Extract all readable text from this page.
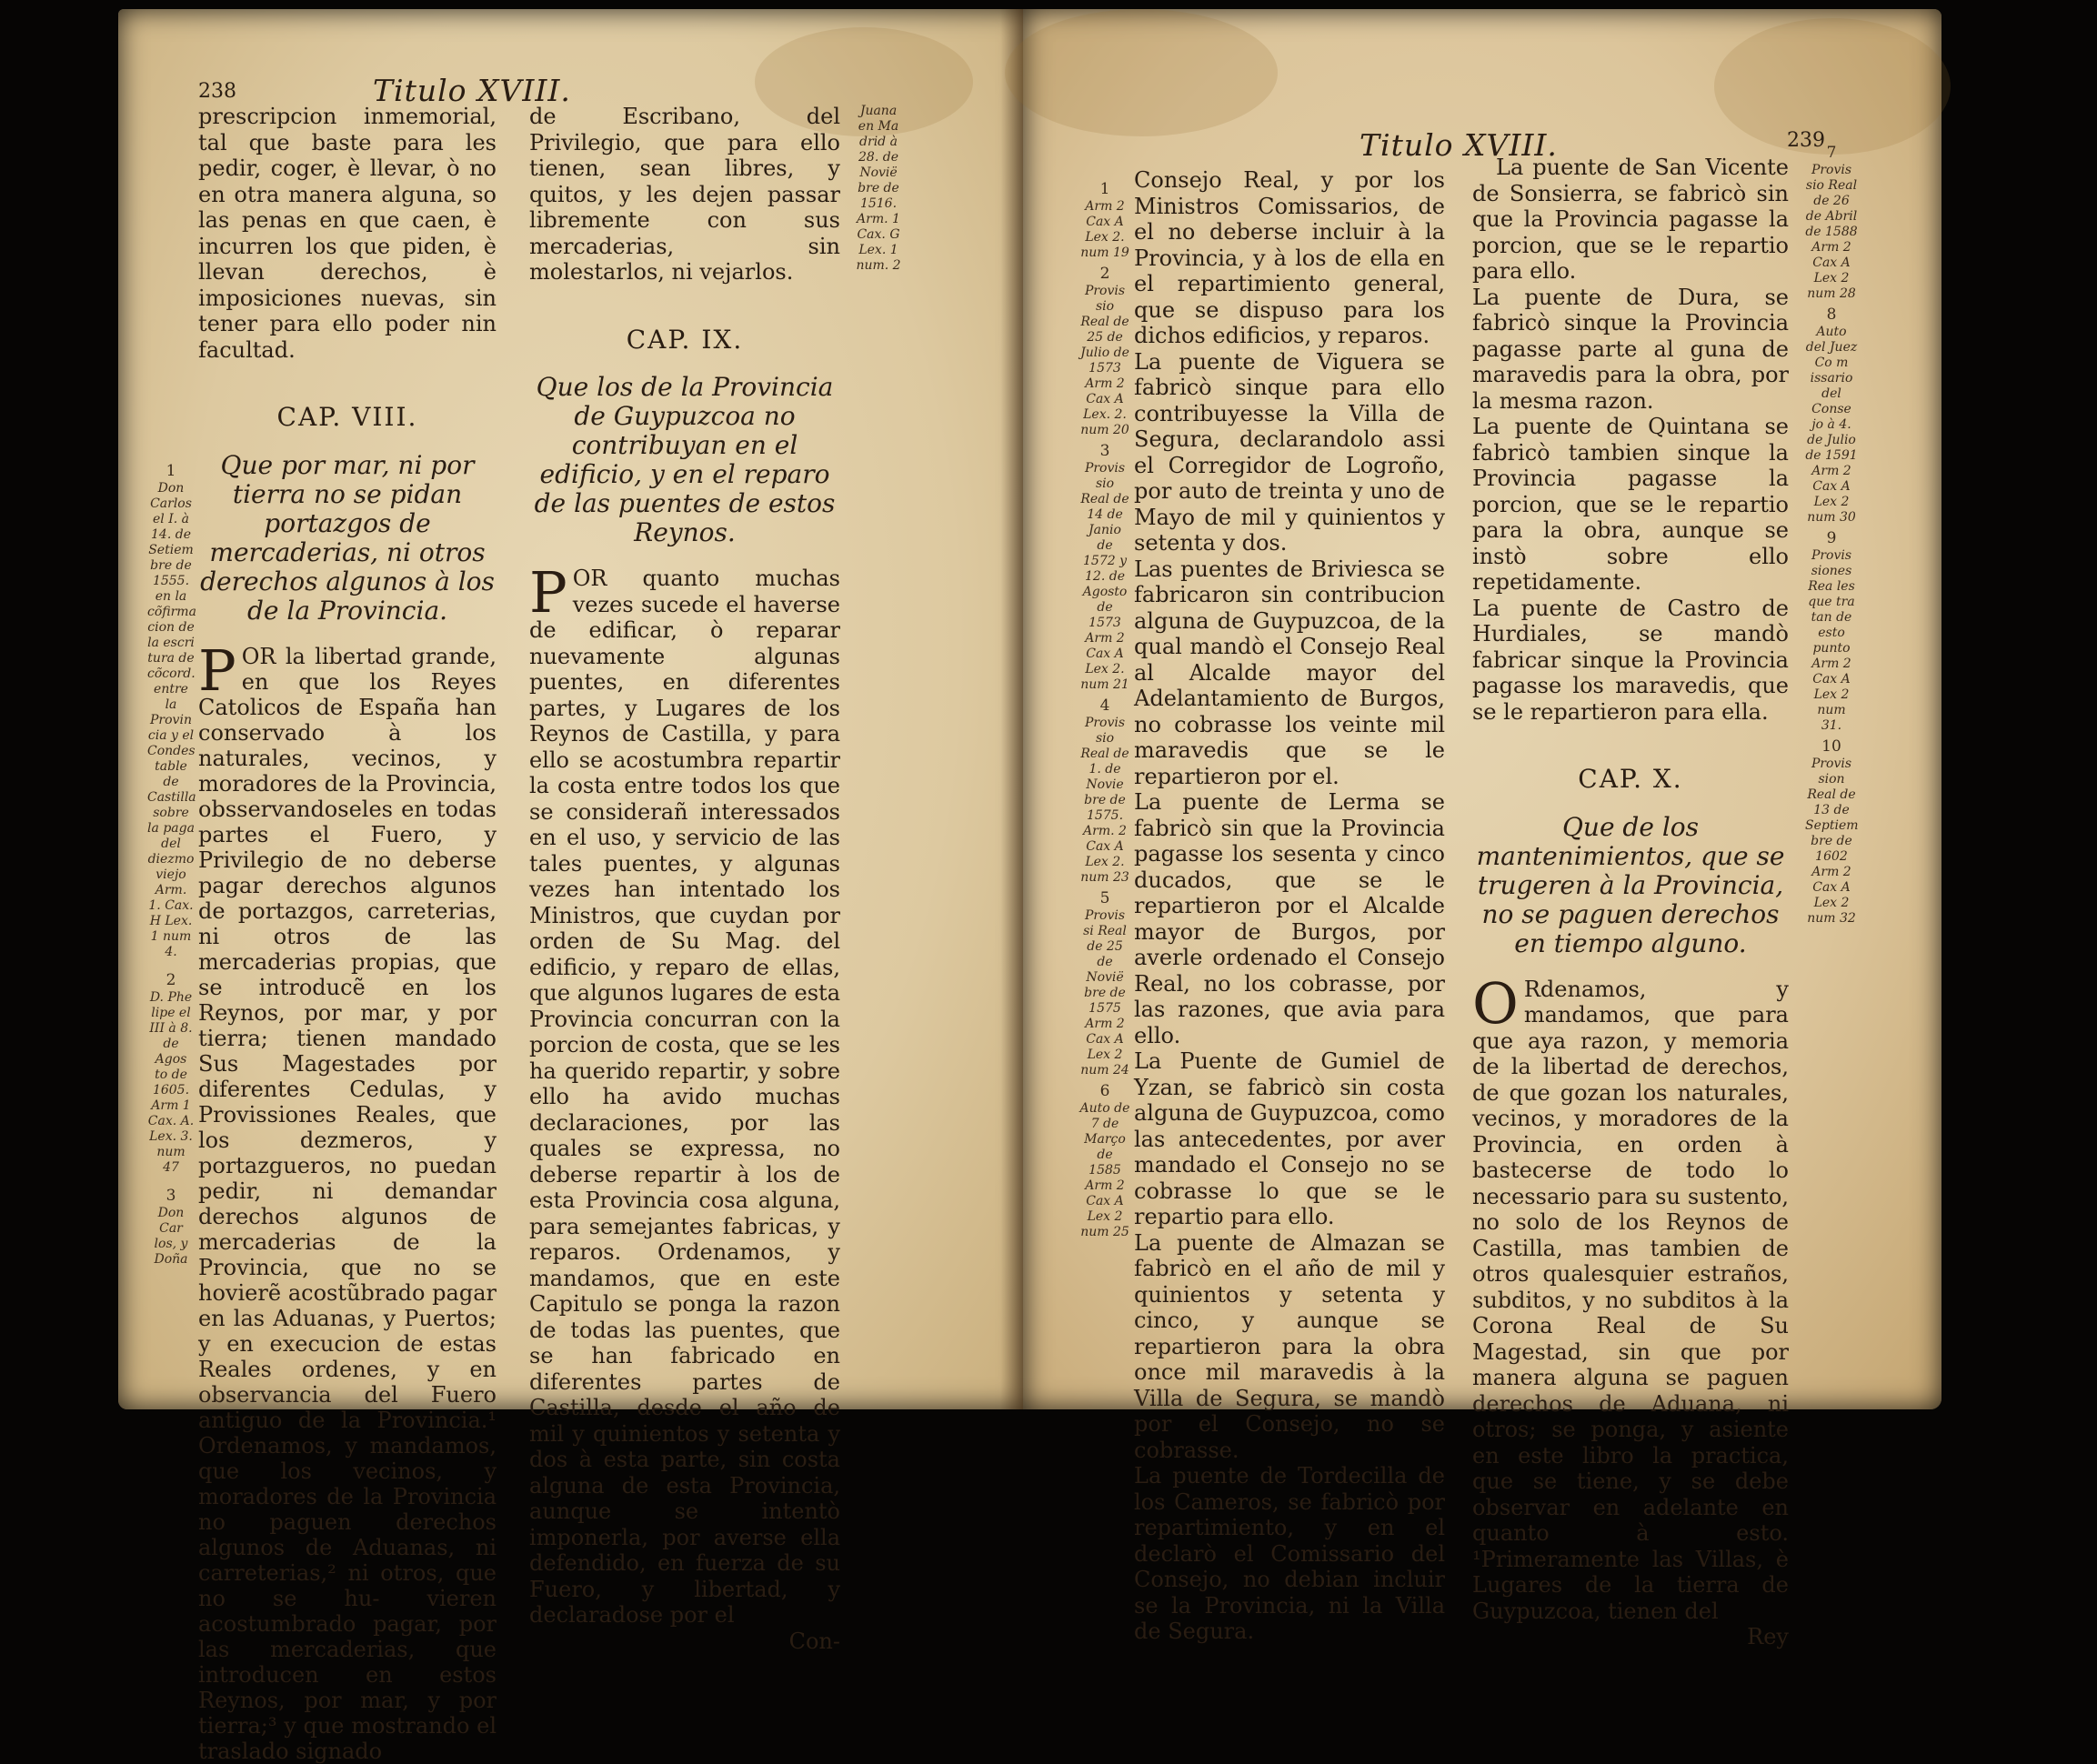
238	Titulo XVIII.
1
Don Carlos el I. à 14. de Setiem bre de 1555. en la cõfirma cion de la escri tura de cõcord. entre la Provin cia y el Condes table de Castilla sobre la paga del diezmo viejo Arm. 1. Cax. H Lex. 1 num 4.
2
D. Phe lipe el III à 8. de Agos to de 1605. Arm 1 Cax. A. Lex. 3. num 47
3
Don Car los, y Doña

prescripcion inmemorial, tal que baste para les pedir, coger, è llevar, ò no en otra manera alguna, so las penas en que caen, è incurren los que piden, è llevan derechos, è imposiciones nuevas, sin tener para ello poder nin facultad.

CAP. VIII.
Que por mar, ni por tierra no se pidan portazgos de mercaderias, ni otros derechos algunos à los de la Provincia.

POR la libertad grande, en que los Reyes Catolicos de España han conservado à los naturales, vecinos, y moradores de la Provincia, obsservandoseles en todas partes el Fuero, y Privilegio de no deberse pagar derechos algunos de portazgos, carreterias, ni otros de las mercaderias propias, que se introducẽ en los Reynos, por mar, y por tierra; tienen mandado Sus Magestades por diferentes Cedulas, y Provissiones Reales, que los dezmeros, y portazgueros, no puedan pedir, ni demandar derechos algunos de mercaderias de la Provincia, que no se hovierẽ acostũbrado pagar en las Aduanas, y Puertos; y en execucion de estas Reales ordenes, y en observancia del Fuero antiguo de la Provincia.¹ Ordenamos, y mandamos, que los vecinos, y moradores de la Provincia no paguen derechos algunos de Aduanas, ni carreterias,² ni otros, que no se hu- vieren acostumbrado pagar, por las mercaderias, que introducen en estos Reynos, por mar, y por tierra;³ y que mostrando el traslado signado

de Escribano, del Privilegio, que para ello tienen, sean libres, y quitos, y les dejen passar libremente con sus mercaderias, sin molestarlos, ni vejarlos.

CAP. IX.
Que los de la Provincia de Guypuzcoa no contribuyan en el edificio, y en el reparo de las puentes de estos Reynos.

POR quanto muchas vezes sucede el haverse de edificar, ò reparar nuevamente algunas puentes, en diferentes partes, y Lugares de los Reynos de Castilla, y para ello se acostumbra repartir la costa entre todos los que se considerañ interessados en el uso, y servicio de las tales puentes, y algunas vezes han intentado los Ministros, que cuydan por orden de Su Mag. del edificio, y reparo de ellas, que algunos lugares de esta Provincia concurran con la porcion de costa, que se les ha querido repartir, y sobre ello ha avido muchas declaraciones, por las quales se expressa, no deberse repartir à los de esta Provincia cosa alguna, para semejantes fabricas, y reparos. Ordenamos, y mandamos, que en este Capitulo se ponga la razon de todas las puentes, que se han fabricado en diferentes partes de Castilla, desde el año de mil y quinientos y setenta y dos à esta parte, sin costa alguna de esta Provincia, aunque se intentò imponerla, por averse ella defendido, en fuerza de su Fuero, y libertad, y declaradose por el

Con-

Juana en Ma drid à 28. de Novië bre de 1516. Arm. 1 Cax. G Lex. 1 num. 2
Titulo XVIII.	239
1
Arm 2 Cax A Lex 2. num 19
2
Provis sio Real de 25 de Julio de 1573 Arm 2 Cax A Lex. 2. num 20
3
Provis sio Real de 14 de Janio de 1572 y 12. de Agosto de 1573 Arm 2 Cax A Lex 2. num 21
4
Provis sio Real de 1. de Novie bre de 1575. Arm. 2 Cax A Lex 2. num 23
5
Provis si Real de 25 de Novië bre de 1575 Arm 2 Cax A Lex 2 num 24
6
Auto de 7 de Março de 1585 Arm 2 Cax A Lex 2 num 25

Consejo Real, y por los Ministros Comissarios, de el no deberse incluir à la Provincia, y à los de ella en el repartimiento general, que se dispuso para los dichos edificios, y reparos.

La puente de Viguera se fabricò sinque para ello contribuyesse la Villa de Segura, declarandolo assi el Corregidor de Logroño, por auto de treinta y uno de Mayo de mil y quinientos y setenta y dos.

Las puentes de Briviesca se fabricaron sin contribucion alguna de Guypuzcoa, de la qual mandò el Consejo Real al Alcalde mayor del Adelantamiento de Burgos, no cobrasse los veinte mil maravedis que se le repartieron por el.

La puente de Lerma se fabricò sin que la Provincia pagasse los sesenta y cinco ducados, que se le repartieron por el Alcalde mayor de Burgos, por averle ordenado el Consejo Real, no los cobrasse, por las razones, que avia para ello.

La Puente de Gumiel de Yzan, se fabricò sin costa alguna de Guypuzcoa, como las antecedentes, por aver mandado el Consejo no se cobrasse lo que se le repartio para ello.

La puente de Almazan se fabricò en el año de mil y quinientos y setenta y cinco, y aunque se repartieron para la obra once mil maravedis à la Villa de Segura, se mandò por el Consejo, no se cobrasse.

La puente de Tordecilla de los Cameros, se fabricò por repartimiento, y en el declarò el Comissario del Consejo, no debian incluir se la Provincia, ni la Villa de Segura.

La puente de San Vicente de Sonsierra, se fabricò sin que la Provincia pagasse la porcion, que se le repartio para ello.

La puente de Dura, se fabricò sinque la Provincia pagasse parte al guna de maravedis para la obra, por la mesma razon.

La puente de Quintana se fabricò tambien sinque la Provincia pagasse la porcion, que se le repartio para la obra, aunque se instò sobre ello repetidamente.

La puente de Castro de Hurdiales, se mandò fabricar sinque la Provincia pagasse los maravedis, que se le repartieron para ella.

CAP. X.
Que de los mantenimientos, que se trugeren à la Provincia, no se paguen derechos en tiempo alguno.

ORdenamos, y mandamos, que para que aya razon, y memoria de la libertad de derechos, de que gozan los naturales, vecinos, y moradores de la Provincia, en orden à bastecerse de todo lo necessario para su sustento, no solo de los Reynos de Castilla, mas tambien de otros qualesquier estraños, subditos, y no subditos à la Corona Real de Su Magestad, sin que por manera alguna se paguen derechos de Aduana, ni otros; se ponga, y asiente en este libro la practica, que se tiene, y se debe observar en adelante en quanto à esto. ¹Primeramente las Villas, è Lugares de la tierra de Guypuzcoa, tienen del

Rey

7
Provis sio Real de 26 de Abril de 1588 Arm 2 Cax A Lex 2 num 28
8
Auto del Juez Co m issario del Conse jo à 4. de Julio de 1591 Arm 2 Cax A Lex 2 num 30
9
Provis siones Rea les que tra tan de esto punto Arm 2 Cax A Lex 2 num 31.
10
Provis sion Real de 13 de Septiem bre de 1602 Arm 2 Cax A Lex 2 num 32
